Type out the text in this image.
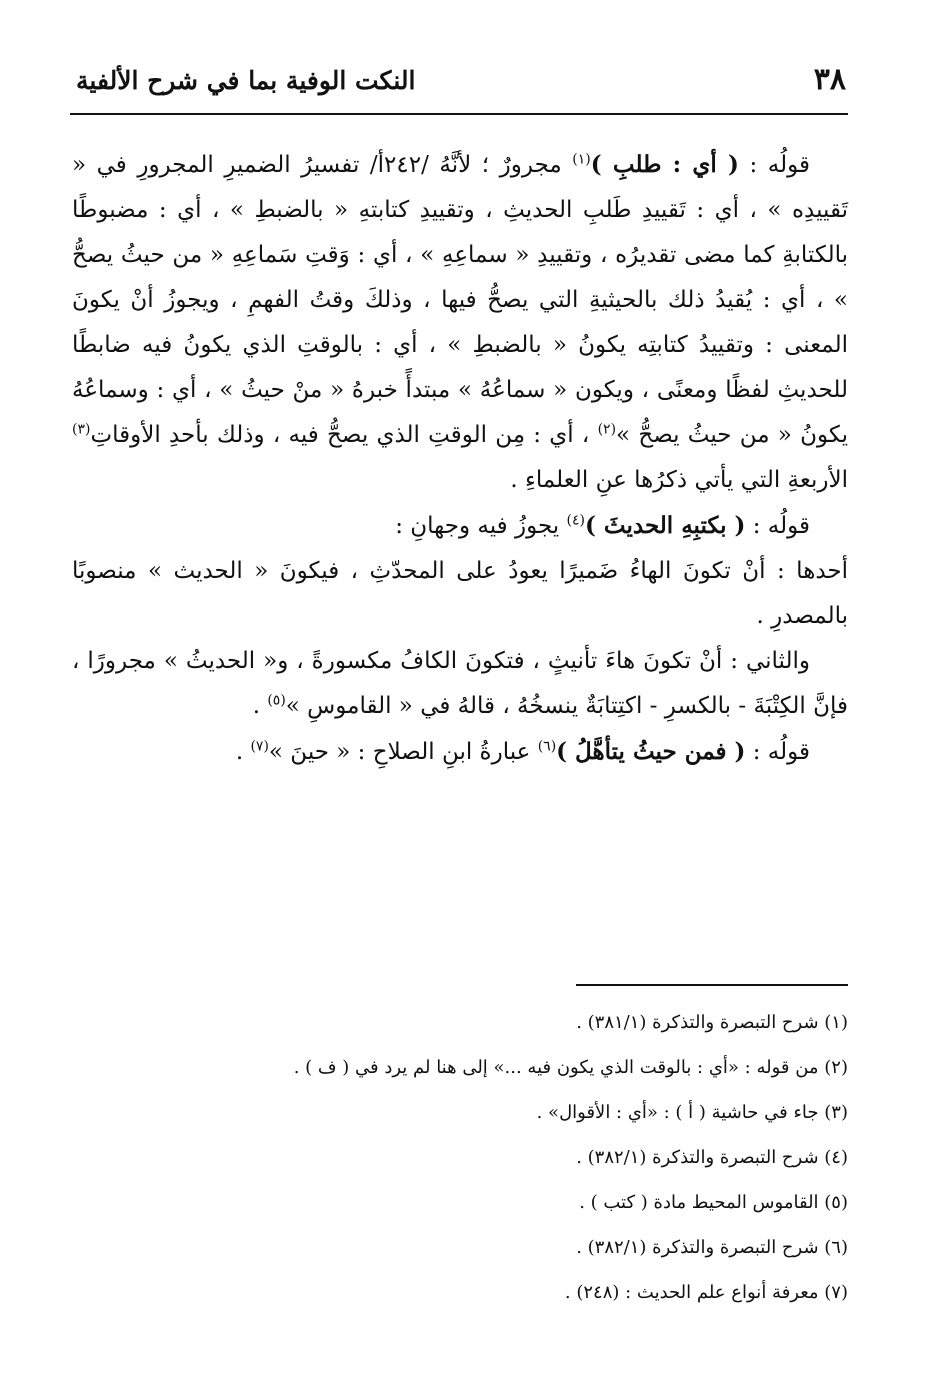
٣٨
النكت الوفية بما في شرح الألفية

قولُه : ( أي : طلبِ )$^{(١)}$ مجرورٌ ؛ لأنَّهُ /٢٤٢أ/ تفسيرُ الضميرِ المجرورِ في « تَقييدِه » ، أي : تَقييدِ طَلبِ الحديثِ ، وتقييدِ كتابتهِ « بالضبطِ » ، أي : مضبوطًا بالكتابةِ كما مضى تقديرُه ، وتقييدِ « سماعِهِ » ، أي : وَقتِ سَماعِهِ « من حيثُ يصحُّ » ، أي : يُقيدُ ذلك بالحيثيةِ التي يصحُّ فيها ، وذلكَ وقتُ الفهمِ ، ويجوزُ أنْ يكونَ المعنى : وتقييدُ كتابتِه يكونُ « بالضبطِ » ، أي : بالوقتِ الذي يكونُ فيه ضابطًا للحديثِ لفظًا ومعنًى ، ويكون « سماعُهُ » مبتدأً خبرهُ « منْ حيثُ » ، أي : وسماعُهُ يكونُ « من حيثُ يصحُّ »$^{(٢)}$ ، أي : مِن الوقتِ الذي يصحُّ فيه ، وذلك بأحدِ الأوقاتِ$^{(٣)}$ الأربعةِ التي يأتي ذكرُها عنِ العلماءِ .

قولُه : ( بكتبِهِ الحديثَ )$^{(٤)}$ يجوزُ فيه وجهانِ :

أحدها : أنْ تكونَ الهاءُ ضَميرًا يعودُ على المحدّثِ ، فيكونَ « الحديث » منصوبًا بالمصدرِ .

والثاني : أنْ تكونَ هاءَ تأنيثٍ ، فتكونَ الكافُ مكسورةً ، و« الحديثُ » مجرورًا ، فإنَّ الكِتْبَةَ - بالكسرِ - اكتِتابَةٌ ينسخُهُ ، قالهُ في « القاموسِ »$^{(٥)}$ .

قولُه : ( فمن حيثُ يتأهَّلُ )$^{(٦)}$ عبارةُ ابنِ الصلاحِ : « حينَ »$^{(٧)}$ .

(١) شرح التبصرة والتذكرة (٣٨١/١) .

(٢) من قوله : «أي : بالوقت الذي يكون فيه ...» إلى هنا لم يرد في ( ف ) .

(٣) جاء في حاشية ( أ ) : «أي : الأقوال» .

(٤) شرح التبصرة والتذكرة (٣٨٢/١) .

(٥) القاموس المحيط مادة ( كتب ) .

(٦) شرح التبصرة والتذكرة (٣٨٢/١) .

(٧) معرفة أنواع علم الحديث : (٢٤٨) .
